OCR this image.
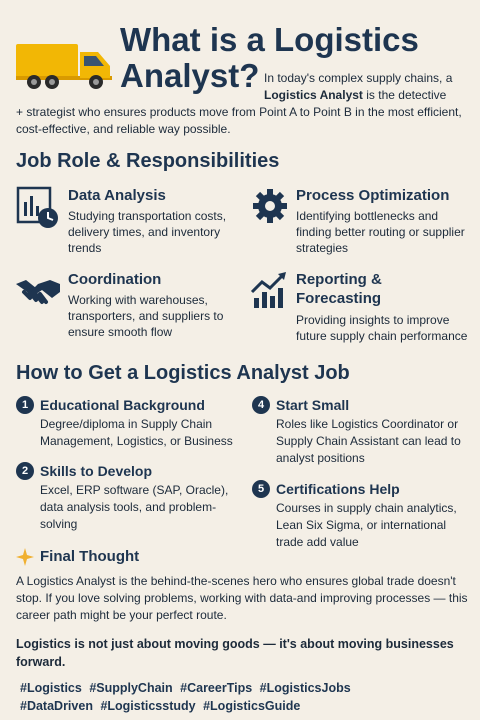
What is a Logistics
Analyst? In today's complex supply chains, a Logistics Analyst is the detective
+ strategist who ensures products move from Point A to Point B in the most efficient, cost-effective, and reliable way possible.
Job Role & Responsibilities
Data Analysis
Studying transportation costs, delivery times, and inventory trends
Process Optimization
Identifying bottlenecks and finding better routing or supplier strategies
Coordination
Working with warehouses, transporters, and suppliers to ensure smooth flow
Reporting & Forecasting
Providing insights to improve future supply chain performance
How to Get a Logistics Analyst Job
1 Educational Background
Degree/diploma in Supply Chain Management, Logistics, or Business
2 Skills to Develop
Excel, ERP software (SAP, Oracle), data analysis tools, and problem-solving
4 Start Small
Roles like Logistics Coordinator or Supply Chain Assistant can lead to analyst positions
5 Certifications Help
Courses in supply chain analytics, Lean Six Sigma, or international trade add value
Final Thought
A Logistics Analyst is the behind-the-scenes hero who ensures global trade doesn't stop. If you love solving problems, working with data-and improving processes — this career path might be your perfect route.
Logistics is not just about moving goods — it's about moving businesses forward.
#Logistics #SupplyChain #CareerTips #LogisticsJobs
#DataDriven #Logisticsstudy #LogisticsGuide
